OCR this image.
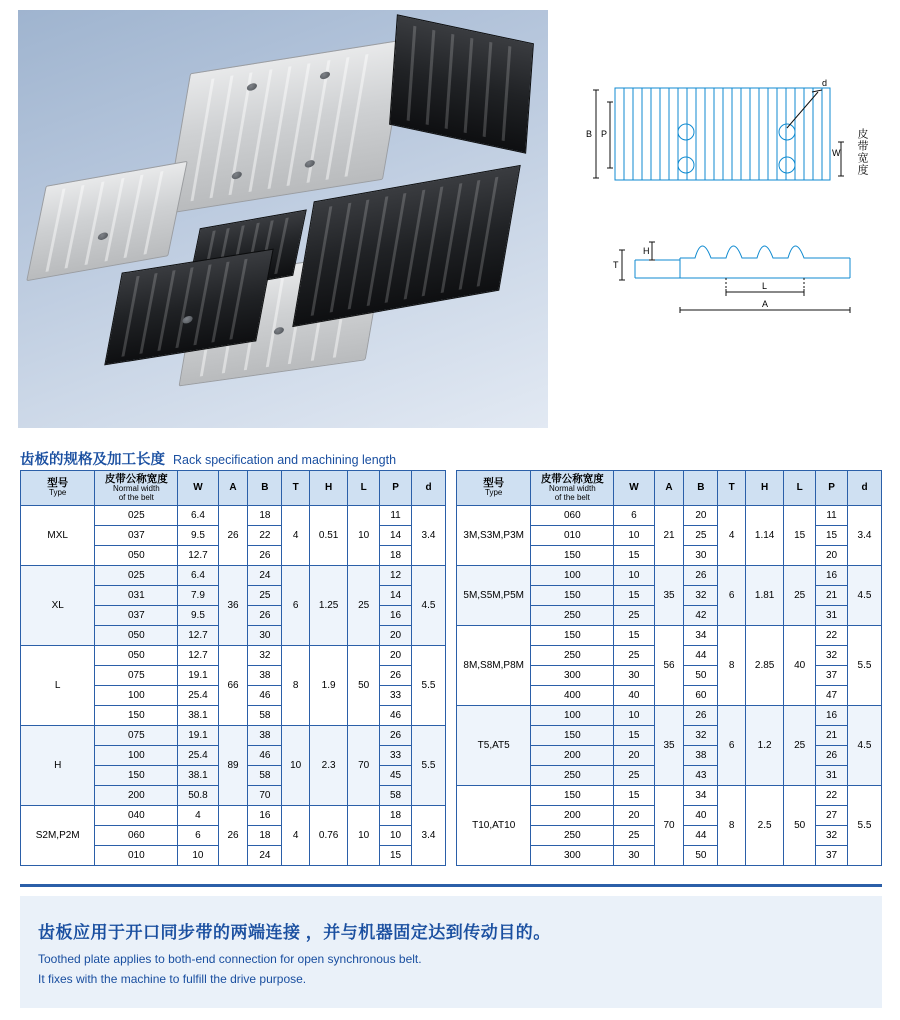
B P
W
d
T
H
L
A
皮带宽度
齿板的规格及加工长度 Rack specification and machining length
型号
Type	皮带公称宽度
Normal width
of the belt	W	A	B	T	H	L	P	d
MXL	025	6.4	26	18	4	0.51	10	11	3.4
	037	9.5		22				14	
	050	12.7		26				18	
XL	025	6.4	36	24	6	1.25	25	12	4.5
	031	7.9		25				14	
	037	9.5		26				16	
	050	12.7		30				20	
L	050	12.7	66	32	8	1.9	50	20	5.5
	075	19.1		38				26	
	100	25.4		46				33	
	150	38.1		58				46	
H	075	19.1	89	38	10	2.3	70	26	5.5
	100	25.4		46				33	
	150	38.1		58				45	
	200	50.8		70				58	
S2M,P2M	040	4	26	16	4	0.76	10	18	3.4
	060	6		18				10	
	010	10		24				15	
型号
Type	皮带公称宽度
Normal width
of the belt	W	A	B	T	H	L	P	d
3M,S3M,P3M	060	6	21	20	4	1.14	15	11	3.4
	010	10		25				15	
	150	15		30				20	
5M,S5M,P5M	100	10	35	26	6	1.81	25	16	4.5
	150	15		32				21	
	250	25		42				31	
8M,S8M,P8M	150	15	56	34	8	2.85	40	22	5.5
	250	25		44				32	
	300	30		50				37	
	400	40		60				47	
T5,AT5	100	10	35	26	6	1.2	25	16	4.5
	150	15		32				21	
	200	20		38				26	
	250	25		43				31	
T10,AT10	150	15	70	34	8	2.5	50	22	5.5
	200	20		40				27	
	250	25		44				32	
	300	30		50				37	
齿板应用于开口同步带的两端连接 ，并与机器固定达到传动目的。
Toothed plate applies to both-end connection for open synchronous belt.
It fixes with the machine to fulfill the drive purpose.
